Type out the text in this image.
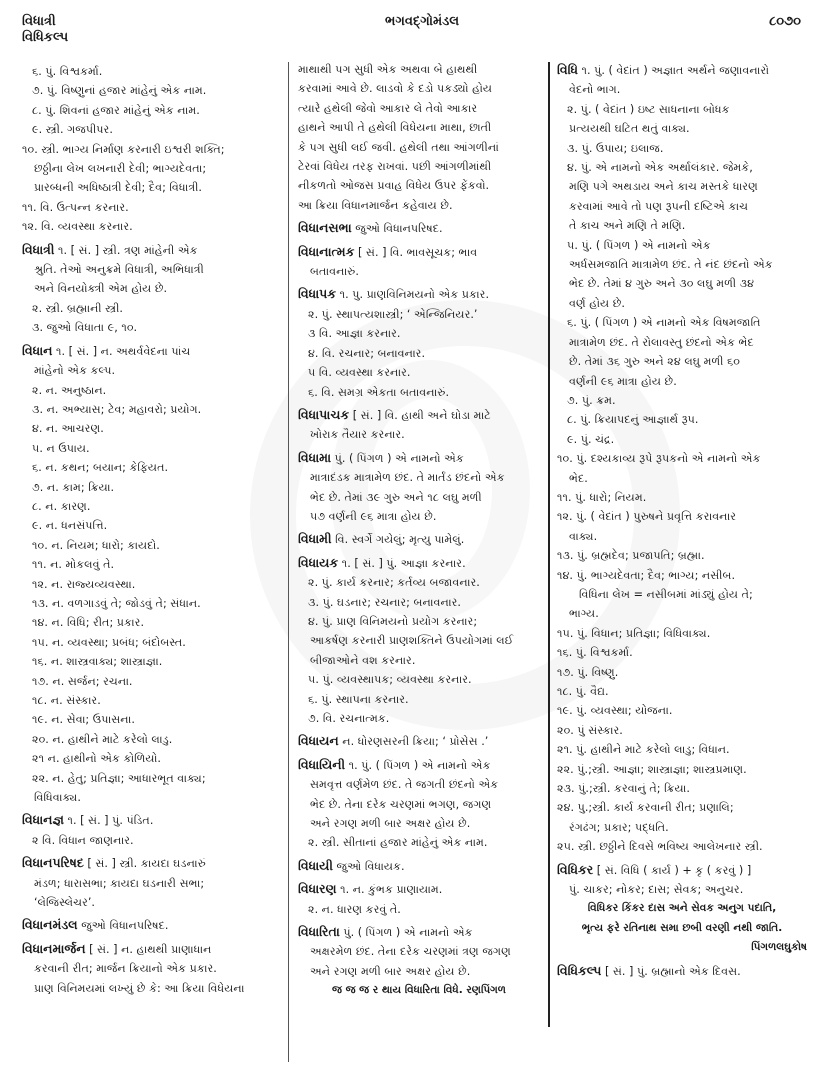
વિધાત્રી
વિધિકલ્પ
ભગવદ્ગોમંડલ	૮૦૭૦
૬. પું. વિશ્વકર્મા.
૭. પું. વિષ્ણુનાં હજાર માંહેનું એક નામ.
૮. પું. શિવનાં હજાર માંહેનું એક નામ.
૯. સ્ત્રી. ગજપીપર.
૧૦. સ્ત્રી. ભાગ્ય નિર્માણ કરનારી ઇશ્વરી શક્તિ;
છઠ્ઠીના લેખ લખનારી દેવી; ભાગ્યદેવતા;
પ્રારબ્ધની અધિષ્ઠાત્રી દેવી; દૈવ; વિધાત્રી.
૧૧. વિ. ઉત્પન્ન કરનાર.
૧૨. વિ. વ્યવસ્થા કરનાર.
વિધાત્રી ૧. [ સં. ] સ્ત્રી. ત્રણ માંહેની એક
શ્રુતિ. તેઓ અનુક્રમે વિધાત્રી, અભિધાત્રી
અને વિનયોક્ત્રી એમ હોય છે.
૨. સ્ત્રી. બ્રહ્માની સ્ત્રી.
૩. જુઓ વિધાતા ૯, ૧૦.
વિધાન ૧. [ સં. ] ન. અથર્વવેદના પાંચ
માંહેનો એક કલ્પ.
૨. ન. અનુષ્ઠાન.
૩. ન. અભ્યાસ; ટેવ; મહાવરો; પ્રયોગ.
૪. ન. આચરણ.
૫. ન ઉપાય.
૬. ન. કથન; બયાન; કેફિયત.
૭. ન. કામ; ક્રિયા.
૮. ન. કારણ.
૯. ન. ધનસંપત્તિ.
૧૦. ન. નિયમ; ધારો; કાયદો.
૧૧. ન. મોકલવું તે.
૧૨. ન. રાજ્યવ્યવસ્થા.
૧૩. ન. વળગાડવું તે; જોડવું તે; સંધાન.
૧૪. ન. વિધિ; રીત; પ્રકાર.
૧૫. ન. વ્યવસ્થા; પ્રબંધ; બંદોબસ્ત.
૧૬. ન. શાસ્ત્રવાક્ય; શાસ્ત્રાજ્ઞા.
૧૭. ન. સર્જન; રચના.
૧૮. ન. સંસ્કાર.
૧૯. ન. સેવા; ઉપાસના.
૨૦. ન. હાથીને માટે કરેલો લાડુ.
૨૧ ન. હાથીનો એક કોળિયો.
૨૨. ન. હેતુ; પ્રતિજ્ઞા; આધારભૂત વાક્ય;
વિધિવાક્ય.
વિધાનજ્ઞ ૧. [ સં. ] પું. પંડિત.
૨ વિ. વિધાન જાણનાર.
વિધાનપરિષદ [ સં. ] સ્ત્રી. કાયદા ઘડનારું
મંડળ; ધારાસભા; કાયદા ઘડનારી સભા;
‘લેજિસ્લેચર’.
વિધાનમંડલ જુઓ વિધાનપરિષદ.
વિધાનમાર્જન [ સં. ] ન. હાથથી પ્રાણાધાન
કરવાની રીત; માર્જન ક્રિયાનો એક પ્રકાર.
પ્રાણ વિનિમયમાં લખ્યું છે કે: આ ક્રિયા વિધેયના
માથાથી પગ સુધી એક અથવા બે હાથથી
કરવામાં આવે છે. લાડવો કે દડો પકડ્યો હોય
ત્યારે હથેલી જેવો આકાર લે તેવો આકાર
હાથને આપી તે હથેલી વિધેયના માથા, છાતી
કે પગ સુધી લઈ જવી. હથેલી તથા આંગળીનાં
ટેરવાં વિધેય તરફ રાખવાં. પછી આંગળીમાંથી
નીકળતો ઓજસ પ્રવાહ વિધેય ઉપર ફેંકવો.
આ ક્રિયા વિધાનમાર્જન કહેવાય છે.
વિધાનસભા જુઓ વિધાનપરિષદ.
વિધાનાત્મક [ સં. ] વિ. ભાવસૂચક; ભાવ
બતાવનારું.
વિધાપક ૧. પુ. પ્રાણવિનિમયનો એક પ્રકાર.
૨. પું. સ્થાપત્યશાસ્ત્રી; ‘ એન્જિનિયર.’
૩ વિ. આજ્ઞા કરનાર.
૪. વિ. રચનાર; બનાવનાર.
૫ વિ. વ્યવસ્થા કરનાર.
૬. વિ. સમગ્ર એકતા બતાવનારું.
વિધાપાચક [ સં. ] વિ. હાથી અને ઘોડા માટે
ખોરાક તૈયાર કરનાર.
વિધામા પું. ( પિંગળ ) એ નામનો એક
માત્રાદંડક માત્રામેળ છંદ. તે માર્તંડ છંદનો એક
ભેદ છે. તેમાં ૩૯ ગુરુ અને ૧૮ લઘુ મળી
૫૭ વર્ણની ૯૬ માત્રા હોય છે.
વિધામી વિ. સ્વર્ગે ગયેલું; મૃત્યુ પામેલું.
વિધાયક ૧. [ સં. ] પું. આજ્ઞા કરનાર.
૨. પું. કાર્ય કરનાર; કર્તવ્ય બજાવનાર.
૩. પું. ઘડનાર; રચનાર; બનાવનાર.
૪. પું. પ્રાણ વિનિમયનો પ્રયોગ કરનાર;
આકર્ષણ કરનારી પ્રાણશક્તિને ઉપયોગમાં લઈ
બીજાઓને વશ કરનાર.
૫. પું. વ્યવસ્થાપક; વ્યવસ્થા કરનાર.
૬. પું. સ્થાપના કરનાર.
૭. વિ. રચનાત્મક.
વિધાયન ન. ધોરણસરની ક્રિયા; ‘ પ્રોસેસ .’
વિધાયિની ૧. પું. ( પિંગળ ) એ નામનો એક
સમવૃત્ત વર્ણમેળ છંદ. તે જગતી છંદનો એક
ભેદ છે. તેના દરેક ચરણમાં ભગણ, જગણ
અને રગણ મળી બાર અક્ષર હોય છે.
૨. સ્ત્રી. સીતાનાં હજાર માંહેનું એક નામ.
વિધાયી જુઓ વિધાયક.
વિધારણ ૧. ન. કુંભક પ્રાણાયામ.
૨. ન. ધારણ કરવું તે.
વિધારિતા પું. ( પિંગળ ) એ નામનો એક
અક્ષરમેળ છંદ. તેના દરેક ચરણમાં ત્રણ જગણ
અને રગણ મળી બાર અક્ષર હોય છે.
જ જ જ ર થાય વિધારિતા વિધે. રણપિંગળ
વિધિ ૧. પું. ( વેદાંત ) અજ્ઞાત અર્થને જણાવનારો
વેદનો ભાગ.
૨. પું. ( વેદાંત ) ઇષ્ટ સાધનાના બોધક
પ્રત્યયથી ઘટિત થતું વાક્ય.
૩. પું. ઉપાય; ઇલાજ.
૪. પું. એ નામનો એક અર્થાલંકાર. જેમકે,
મણિ પગે અથડાય અને કાચ મસ્તકે ધારણ
કરવામાં આવે તો પણ રૂપની દષ્ટિએ કાચ
તે કાચ અને મણિ તે મણિ.
૫. પું. ( પિંગળ ) એ નામનો એક
અર્ધસમજાતિ માત્રામેળ છંદ. તે નંદ છંદનો એક
ભેદ છે. તેમાં ૪ ગુરુ અને ૩૦ લઘુ મળી ૩૪
વર્ણ હોય છે.
૬. પું. ( પિંગળ ) એ નામનો એક વિષમજાતિ
માત્રામેળ છંદ. તે રોલાવસ્તુ છંદનો એક ભેદ
છે. તેમાં ૩૬ ગુરુ અને ૨૪ લઘુ મળી ૬૦
વર્ણની ૯૬ માત્રા હોય છે.
૭. પું. ક્રમ.
૮. પું. ક્રિયાપદનું આજ્ઞાર્થ રૂપ.
૯. પું. ચંદ્ર.
૧૦. પું. દશ્યકાવ્ય રૂપે રૂપકનો એ નામનો એક
ભેદ.
૧૧. પું. ધારો; નિયમ.
૧૨. પું. ( વેદાંત ) પુરુષને પ્રવૃત્તિ કરાવનાર
વાક્ય.
૧૩. પું. બ્રહ્મદેવ; પ્રજાપતિ; બ્રહ્મા.
૧૪. પું. ભાગ્યદેવતા; દૈવ; ભાગ્ય; નસીબ.
વિધિના લેખ = નસીબમાં માંડ્યું હોય તે;
ભાગ્ય.
૧૫. પું. વિધાન; પ્રતિજ્ઞા; વિધિવાક્ય.
૧૬. પું. વિશ્વકર્મા.
૧૭. પું. વિષ્ણુ.
૧૮. પું. વૈદ્ય.
૧૯. પું. વ્યવસ્થા; યોજના.
૨૦. પું સંસ્કાર.
૨૧. પું. હાથીને માટે કરેલો લાડુ; વિધાન.
૨૨. પું.;સ્ત્રી. આજ્ઞા; શાસ્ત્રાજ્ઞા; શાસ્ત્રપ્રમાણ.
૨૩. પું.;સ્ત્રી. કરવાનું તે; ક્રિયા.
૨૪. પુ.;સ્ત્રી. કાર્ય કરવાની રીત; પ્રણાલિ;
રંગઢંગ; પ્રકાર; પદ્ધતિ.
૨૫. સ્ત્રી. છઠ્ઠીને દિવસે ભવિષ્ય આલેખનાર સ્ત્રી.
વિધિકર [ સં. વિધિ ( કાર્ય ) + કૃ ( કરવું ) ]
પું. ચાકર; નોકર; દાસ; સેવક; અનુચર.
વિધિકર કિંકર દાસ અને સેવક અનુગ પદાતિ,
ભૃત્ય ફરે રતિનાથ સમા છબી વરણી નથી જાતિ.
પિંગળલઘુકોષ
વિધિકલ્પ [ સં. ] પું. બ્રહ્માનો એક દિવસ.
